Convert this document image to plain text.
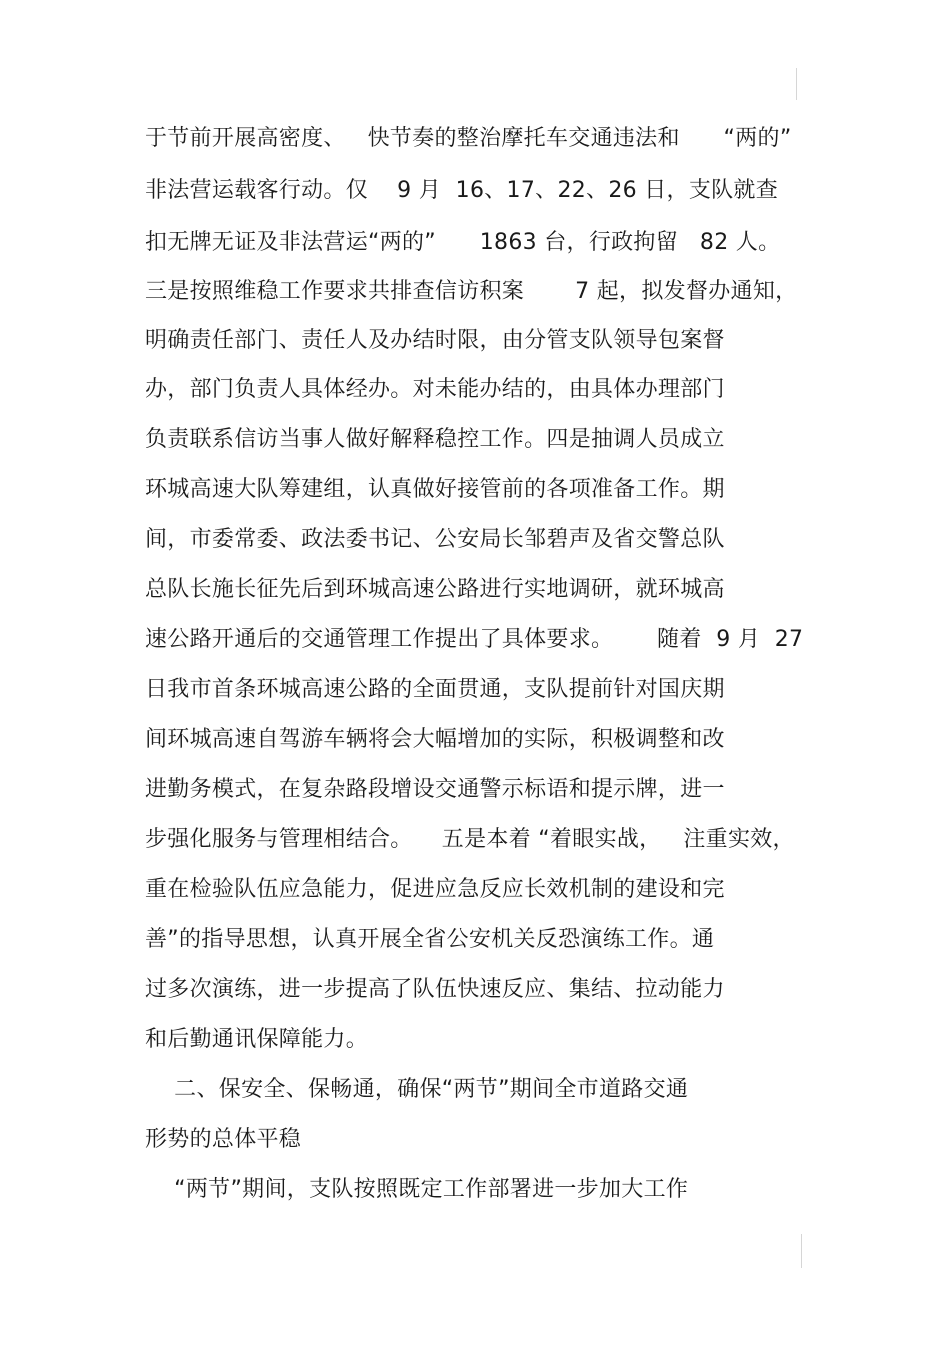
于节前开展高密度、   快节奏的整治摩托车交通违法和      “两的”
非法营运载客行动。仅    9 月  16、17、22、26 日，支队就查
扣无牌无证及非法营运“两的”      1863 台，行政拘留   82 人。
三是按照维稳工作要求共排查信访积案       7 起，拟发督办通知，
明确责任部门、责任人及办结时限，由分管支队领导包案督
办，部门负责人具体经办。对未能办结的，由具体办理部门
负责联系信访当事人做好解释稳控工作。四是抽调人员成立
环城高速大队筹建组，认真做好接管前的各项准备工作。期
间，市委常委、政法委书记、公安局长邹碧声及省交警总队
总队长施长征先后到环城高速公路进行实地调研，就环城高
速公路开通后的交通管理工作提出了具体要求。      随着  9 月  27
日我市首条环城高速公路的全面贯通，支队提前针对国庆期
间环城高速自驾游车辆将会大幅增加的实际，积极调整和改
进勤务模式，在复杂路段增设交通警示标语和提示牌，进一
步强化服务与管理相结合。    五是本着 “着眼实战，   注重实效，
重在检验队伍应急能力，促进应急反应长效机制的建设和完
善”的指导思想，认真开展全省公安机关反恐演练工作。通
过多次演练，进一步提高了队伍快速反应、集结、拉动能力
和后勤通讯保障能力。
二、保安全、保畅通，确保“两节”期间全市道路交通
形势的总体平稳
“两节”期间，支队按照既定工作部署进一步加大工作
